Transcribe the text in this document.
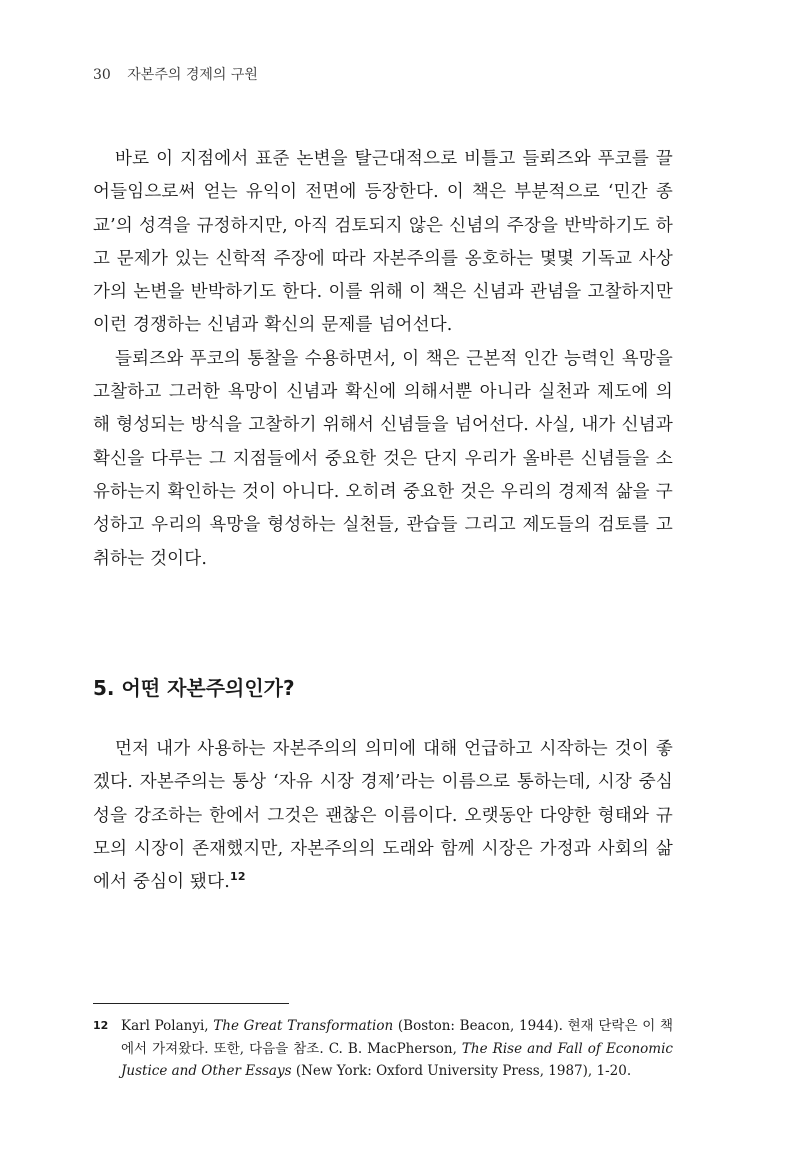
30 자본주의 경제의 구원

바로 이 지점에서 표준 논변을 탈근대적으로 비틀고 들뢰즈와 푸코를 끌어들임으로써 얻는 유익이 전면에 등장한다. 이 책은 부분적으로 ‘민간 종교’의 성격을 규정하지만, 아직 검토되지 않은 신념의 주장을 반박하기도 하고 문제가 있는 신학적 주장에 따라 자본주의를 옹호하는 몇몇 기독교 사상가의 논변을 반박하기도 한다. 이를 위해 이 책은 신념과 관념을 고찰하지만 이런 경쟁하는 신념과 확신의 문제를 넘어선다.

들뢰즈와 푸코의 통찰을 수용하면서, 이 책은 근본적 인간 능력인 욕망을 고찰하고 그러한 욕망이 신념과 확신에 의해서뿐 아니라 실천과 제도에 의해 형성되는 방식을 고찰하기 위해서 신념들을 넘어선다. 사실, 내가 신념과 확신을 다루는 그 지점들에서 중요한 것은 단지 우리가 올바른 신념들을 소유하는지 확인하는 것이 아니다. 오히려 중요한 것은 우리의 경제적 삶을 구성하고 우리의 욕망을 형성하는 실천들, 관습들 그리고 제도들의 검토를 고취하는 것이다.

5. 어떤 자본주의인가?

먼저 내가 사용하는 자본주의의 의미에 대해 언급하고 시작하는 것이 좋겠다. 자본주의는 통상 ‘자유 시장 경제’라는 이름으로 통하는데, 시장 중심성을 강조하는 한에서 그것은 괜찮은 이름이다. 오랫동안 다양한 형태와 규모의 시장이 존재했지만, 자본주의의 도래와 함께 시장은 가정과 사회의 삶에서 중심이 됐다.$^{12}$

12 Karl Polanyi, The Great Transformation (Boston: Beacon, 1944). 현재 단락은 이 책에서 가져왔다. 또한, 다음을 참조. C. B. MacPherson, The Rise and Fall of Economic Justice and Other Essays (New York: Oxford University Press, 1987), 1-20.
